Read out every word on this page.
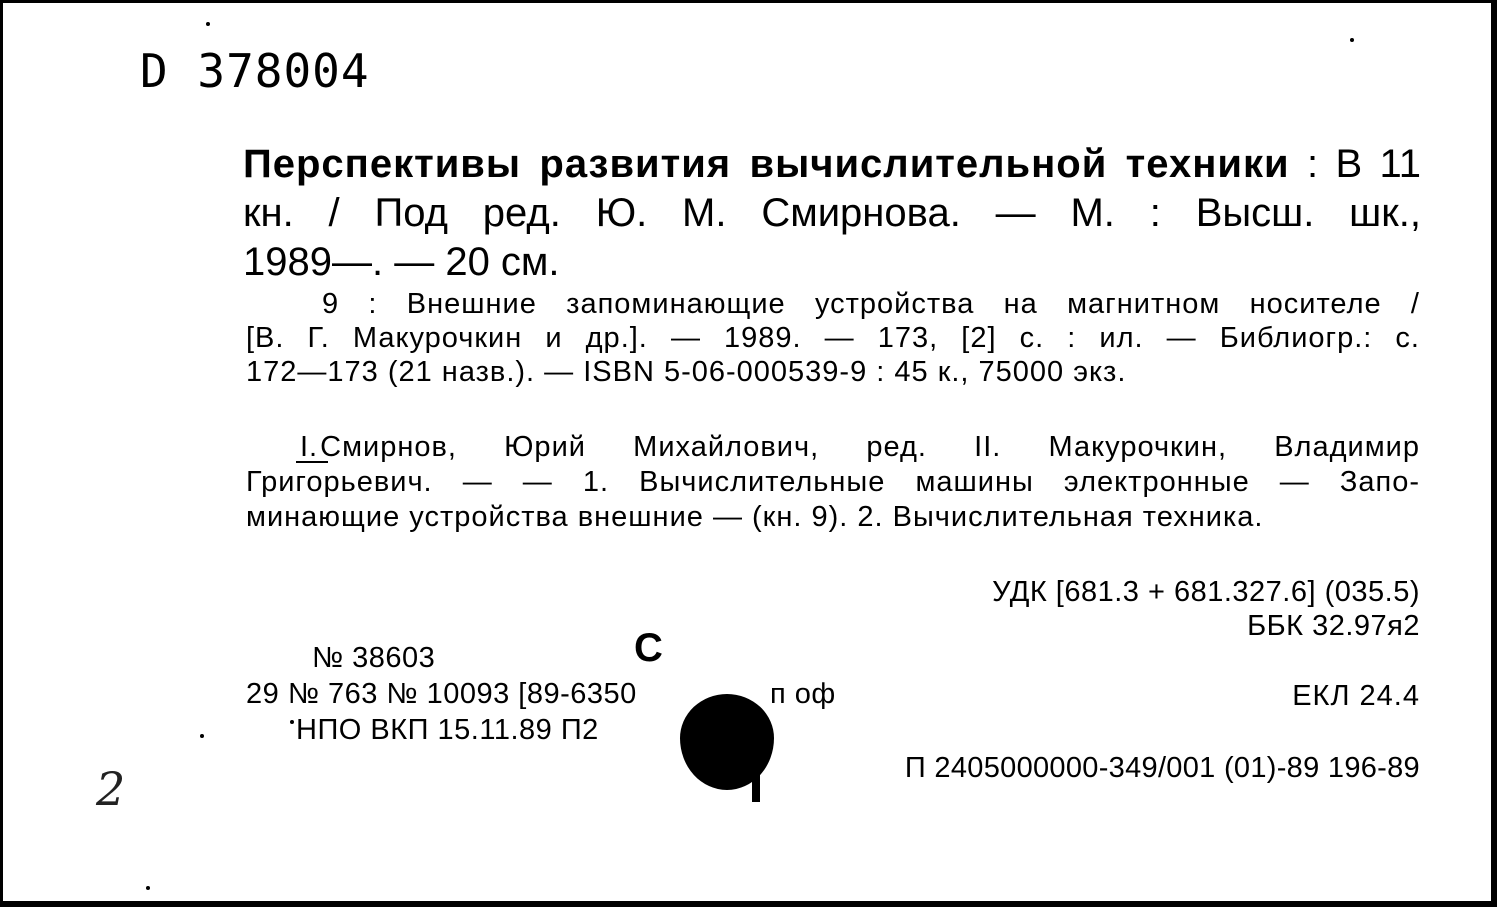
D 378004
Перспективы развития вычислительной техники : В 11
кн. / Под ред. Ю. М. Смирнова. — М. : Высш. шк.,
1989—. — 20 см.
9 : Внешние запоминающие устройства на магнитном носителе /
[В. Г. Макурочкин и др.]. — 1989. — 173, [2] с. : ил. — Библиогр.: с.
172—173 (21 назв.). — ISBN 5-06-000539-9 : 45 к., 75000 экз.
I.Смирнов, Юрий Михайлович, ред. II. Макурочкин, Владимир
Григорьевич. — — 1. Вычислительные машины электронные — Запо-
минающие устройства внешние — (кн. 9). 2. Вычислительная техника.
УДК [681.3 + 681.327.6] (035.5)
ББК 32.97я2
ЕКЛ 24.4
П 2405000000-349/001 (01)-89 196-89
№ 38603	С
29 № 763 № 10093 [89-6350	п оф
НПО ВКП 15.11.89 П2
2
